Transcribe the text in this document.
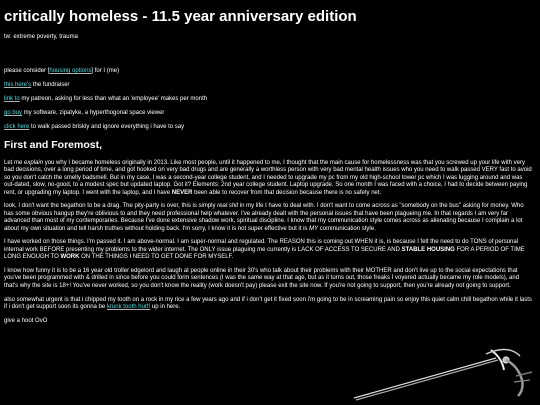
critically homeless - 11.5 year anniversary edition

tw: extreme poverty, trauma

please consider [housing options] for I (me)

this here's the fundraiser

link to my patreon, asking for less than what an 'employee' makes per month

go buy my software, zipatyke, a hyperthogonal space viewer

click here to walk passed briskly and ignore everything i have to say

First and Foremost,

Let me explain you why I became homeless originally in 2013. Like most people, until it happened to me, I thought that the main cause for homelessness was that you screwed up your life with very bad decisions, over a long period of time, and got hooked on very bad drugs and are generally a worthless person with very bad mental health issues who you need to walk passed VERY fast to avoid so you don't catch the smelly badsmell. But in my case, I was a second-year college student, and I needed to upgrade my pc from my old high-school tower pc which I was lugging around and was out-dated, slow, no-good, to a modest spec but updated laptop. Got it? Elements: 2nd year college student. Laptop upgrade. So one month I was faced with a choice, I had to decide between paying rent, or upgrading my laptop. I went with the laptop, and I have NEVER been able to recover from that decision because there is no safety net.

look, I don't want the begathon to be a drag. The pity-party is over, this is simply real shit in my life I have to deal with. I don't want to come across as "somebody on the bus" asking for money. Who has some obvious hangup they're oblivious to and they need professional help whatever. I've already dealt with the personal issues that have been plagueing me. In that regards I am very far advanced than most of my contemporaries. Because I've done extensive shadow work, spiritual discipline. I know that my communication style comes across as alienating because I complain a lot about my own situation and tell harsh truthes without holding back. I'm sorry, I know it is not super effective but it is MY communication style.

I have worked on those things. I'm passed it. I am above-normal. I am super-normal and regulated. The REASON this is coming out WHEN it is, is because I felt the need to do TONS of personal internal work BEFORE presenting my problems to the wider internet. The ONLY issue plaguing me currently is LACK OF ACCESS TO SECURE AND STABLE HOUSING FOR A PERIOD OF TIME LONG ENOUGH TO WORK ON THE THINGS I NEED TO GET DONE FOR MYSELF.

I know how funny it is to be a 16 year old troller edgelord and laugh at people online in their 30's who talk about their problems with their MOTHER and don't live up to the social expectations that you've been programmed with & drilled in since before you could form sentences (I was the same way at that age, but as it turns out, those freaks I voyered actually became my role models), and that's why the site is 18+! You've never worked, so you don't know the reality (work doesn't pay) please exit the site now. If you're not going to support, then you're already not going to support.

also somewhat urgent is that i chipped my tooth on a rock in my rice a few years ago and if i don't get it fixed soon i'm going to be in screaming pain so enjoy this quiet calm chill begathon while it lasts if i don't get support soon its gonna be krunk tooth hurt! up in here.

give a hoot OvO
